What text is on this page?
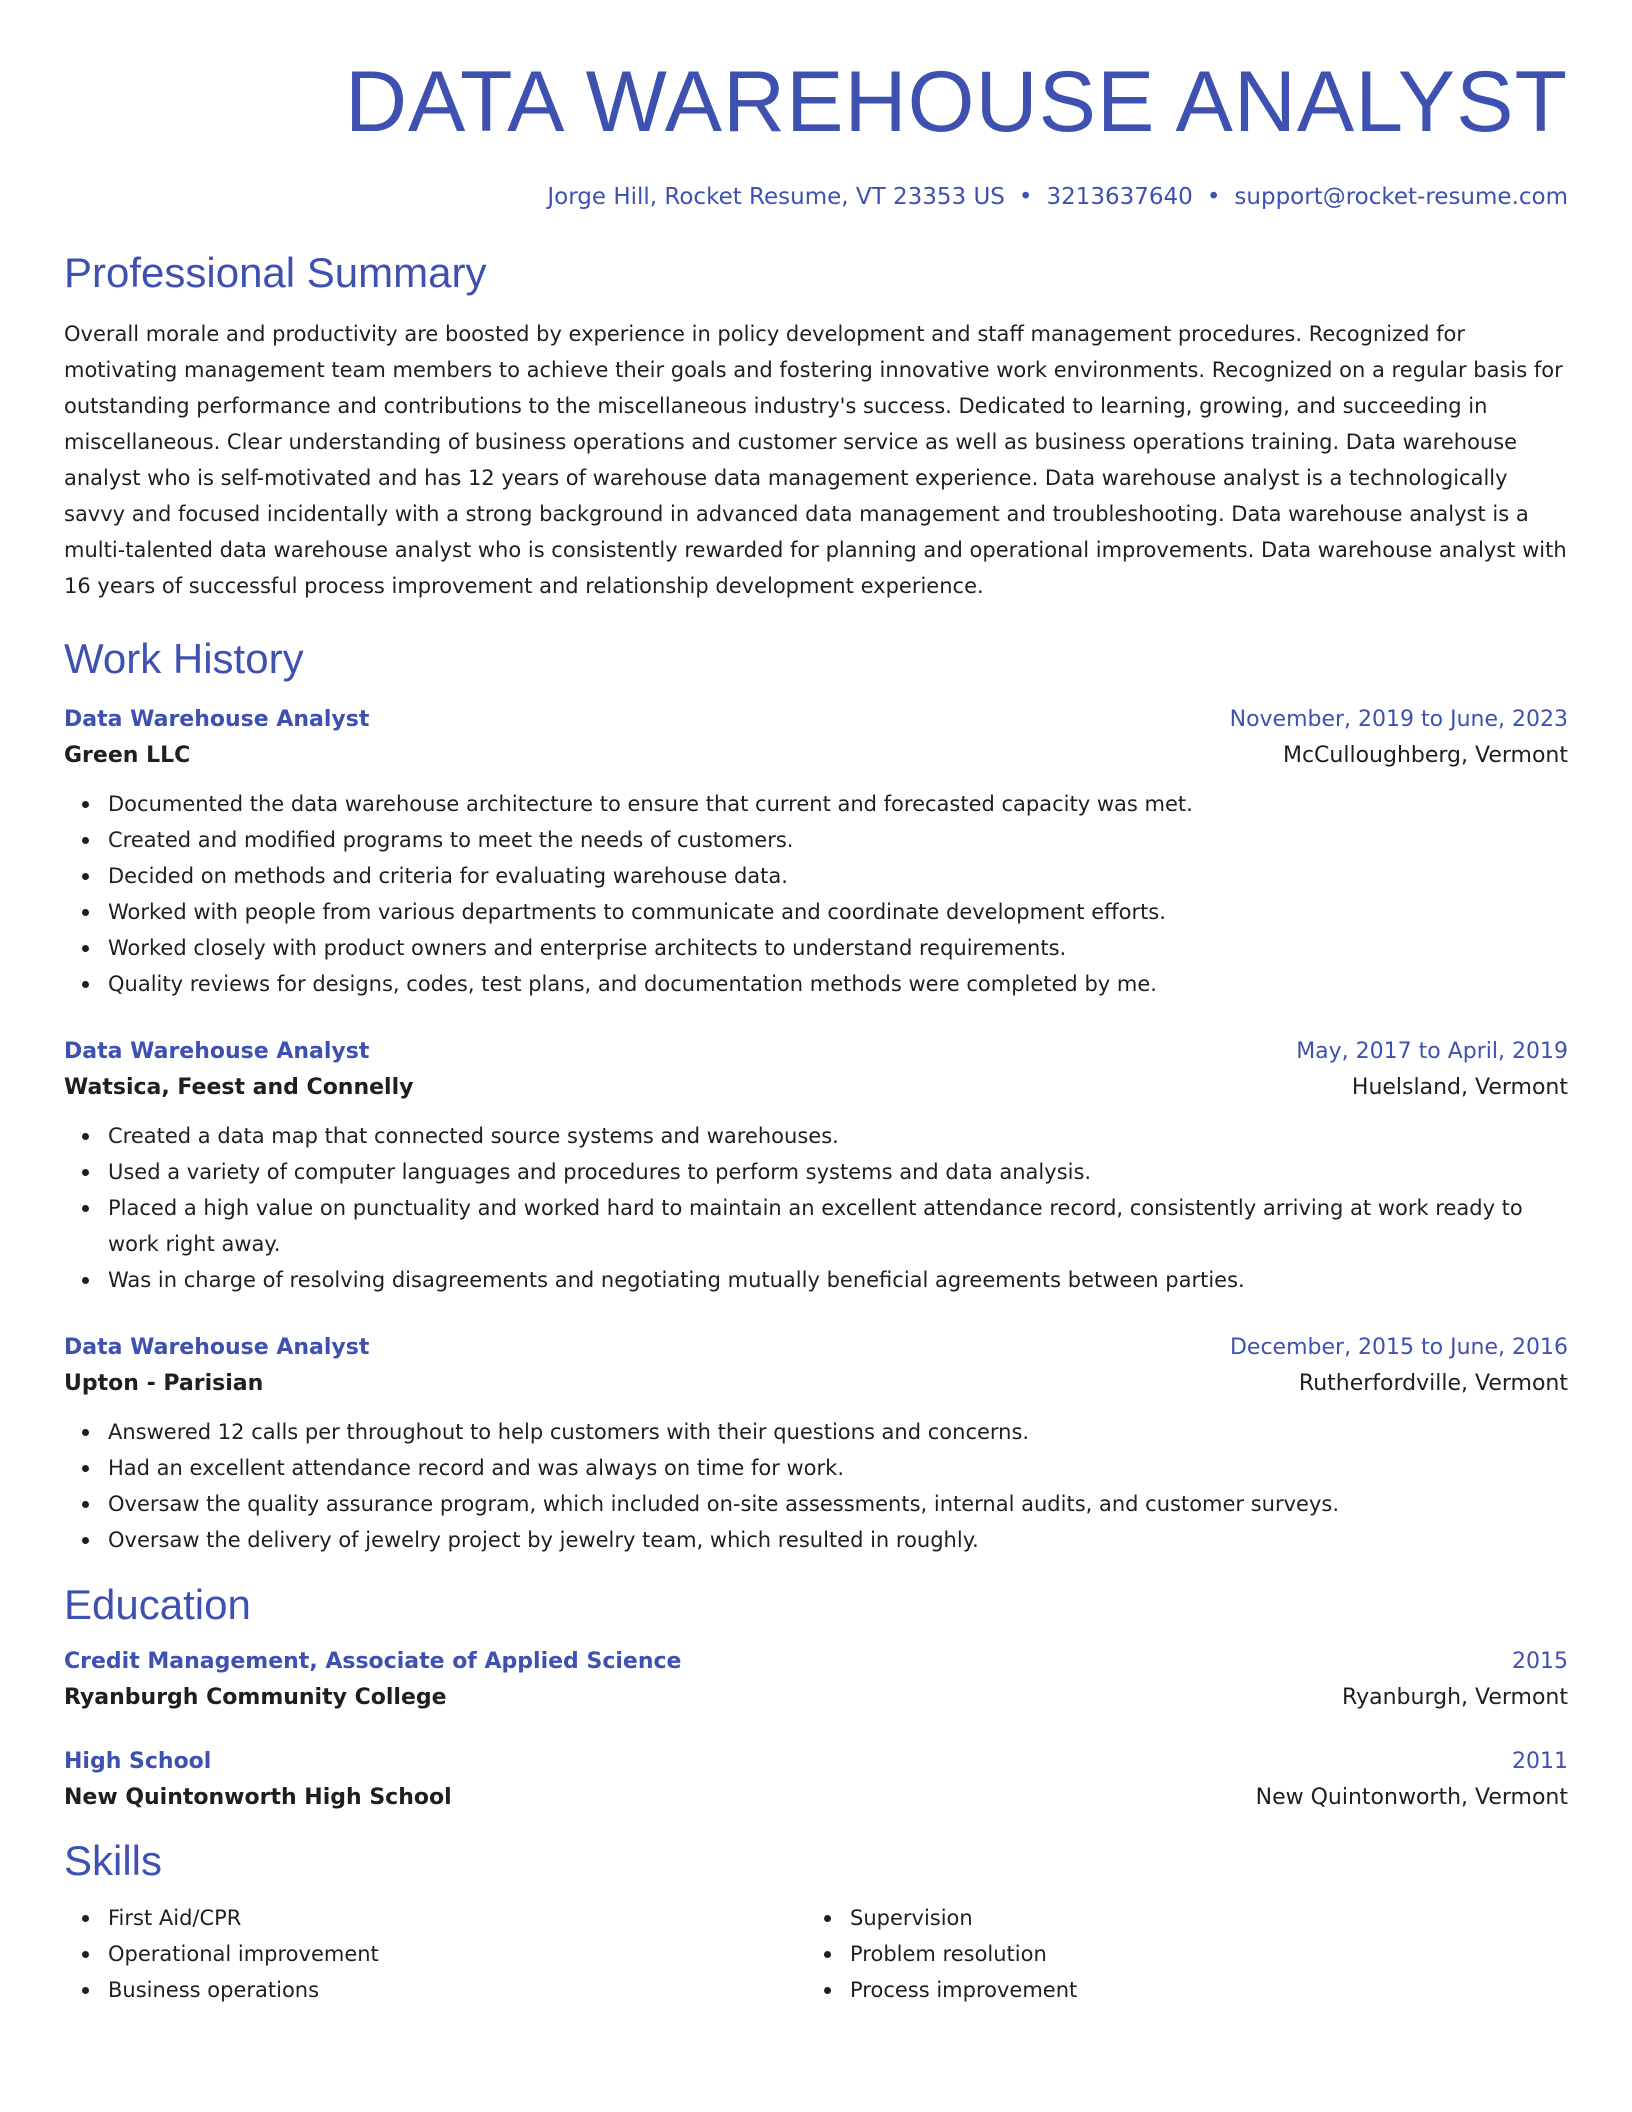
DATA WAREHOUSE ANALYST
Jorge Hill, Rocket Resume, VT 23353 US • 3213637640 • support@rocket-resume.com
Professional Summary
Overall morale and productivity are boosted by experience in policy development and staff management procedures. Recognized for motivating management team members to achieve their goals and fostering innovative work environments. Recognized on a regular basis for outstanding performance and contributions to the miscellaneous industry's success. Dedicated to learning, growing, and succeeding in miscellaneous. Clear understanding of business operations and customer service as well as business operations training. Data warehouse analyst who is self-motivated and has 12 years of warehouse data management experience. Data warehouse analyst is a technologically savvy and focused incidentally with a strong background in advanced data management and troubleshooting. Data warehouse analyst is a multi-talented data warehouse analyst who is consistently rewarded for planning and operational improvements. Data warehouse analyst with 16 years of successful process improvement and relationship development experience.
Work History
Data Warehouse Analyst	November, 2019 to June, 2023
Green LLC	McCulloughberg, Vermont
Documented the data warehouse architecture to ensure that current and forecasted capacity was met.
Created and modified programs to meet the needs of customers.
Decided on methods and criteria for evaluating warehouse data.
Worked with people from various departments to communicate and coordinate development efforts.
Worked closely with product owners and enterprise architects to understand requirements.
Quality reviews for designs, codes, test plans, and documentation methods were completed by me.
Data Warehouse Analyst	May, 2017 to April, 2019
Watsica, Feest and Connelly	Huelsland, Vermont
Created a data map that connected source systems and warehouses.
Used a variety of computer languages and procedures to perform systems and data analysis.
Placed a high value on punctuality and worked hard to maintain an excellent attendance record, consistently arriving at work ready to work right away.
Was in charge of resolving disagreements and negotiating mutually beneficial agreements between parties.
Data Warehouse Analyst	December, 2015 to June, 2016
Upton - Parisian	Rutherfordville, Vermont
Answered 12 calls per throughout to help customers with their questions and concerns.
Had an excellent attendance record and was always on time for work.
Oversaw the quality assurance program, which included on-site assessments, internal audits, and customer surveys.
Oversaw the delivery of jewelry project by jewelry team, which resulted in roughly.
Education
Credit Management, Associate of Applied Science	2015
Ryanburgh Community College	Ryanburgh, Vermont
High School	2011
New Quintonworth High School	New Quintonworth, Vermont
Skills
First Aid/CPR
Operational improvement
Business operations
Supervision
Problem resolution
Process improvement
